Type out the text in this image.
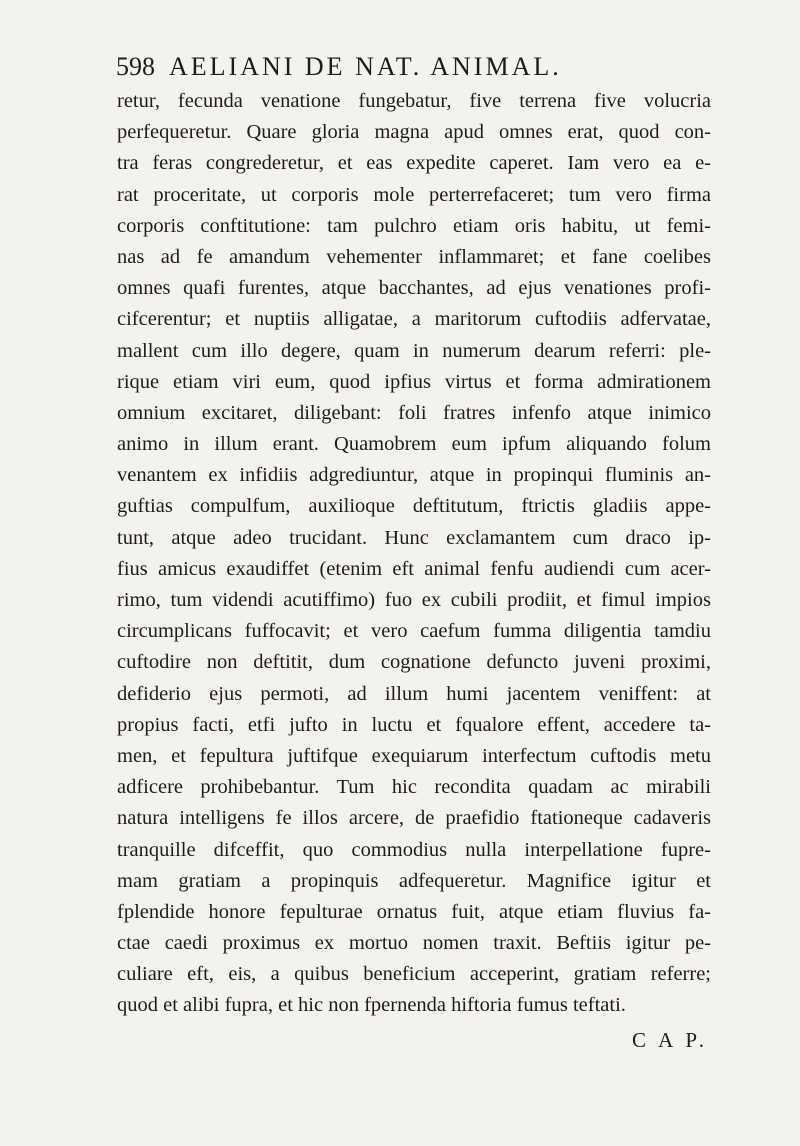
598 AELIANI DE NAT. ANIMAL.
retur, fecunda venatione fungebatur, five terrena five volucria
perfequeretur. Quare gloria magna apud omnes erat, quod con-
tra feras congrederetur, et eas expedite caperet. Iam vero ea e-
rat proceritate, ut corporis mole perterrefaceret; tum vero firma
corporis conftitutione: tam pulchro etiam oris habitu, ut femi-
nas ad fe amandum vehementer inflammaret; et fane coelibes
omnes quafi furentes, atque bacchantes, ad ejus venationes profi-
cifcerentur; et nuptiis alligatae, a maritorum cuftodiis adfervatae,
mallent cum illo degere, quam in numerum dearum referri: ple-
rique etiam viri eum, quod ipfius virtus et forma admirationem
omnium excitaret, diligebant: foli fratres infenfo atque inimico
animo in illum erant. Quamobrem eum ipfum aliquando folum
venantem ex infidiis adgrediuntur, atque in propinqui fluminis an-
guftias compulfum, auxilioque deftitutum, ftrictis gladiis appe-
tunt, atque adeo trucidant. Hunc exclamantem cum draco ip-
fius amicus exaudiffet (etenim eft animal fenfu audiendi cum acer-
rimo, tum videndi acutiffimo) fuo ex cubili prodiit, et fimul impios
circumplicans fuffocavit; et vero caefum fumma diligentia tamdiu
cuftodire non deftitit, dum cognatione defuncto juveni proximi,
defiderio ejus permoti, ad illum humi jacentem veniffent: at
propius facti, etfi jufto in luctu et fqualore effent, accedere ta-
men, et fepultura juftifque exequiarum interfectum cuftodis metu
adficere prohibebantur. Tum hic recondita quadam ac mirabili
natura intelligens fe illos arcere, de praefidio ftationeque cadaveris
tranquille difceffit, quo commodius nulla interpellatione fupre-
mam gratiam a propinquis adfequeretur. Magnifice igitur et
fplendide honore fepulturae ornatus fuit, atque etiam fluvius fa-
ctae caedi proximus ex mortuo nomen traxit. Beftiis igitur pe-
culiare eft, eis, a quibus beneficium acceperint, gratiam referre;
quod et alibi fupra, et hic non fpernenda hiftoria fumus teftati.
C A P.
